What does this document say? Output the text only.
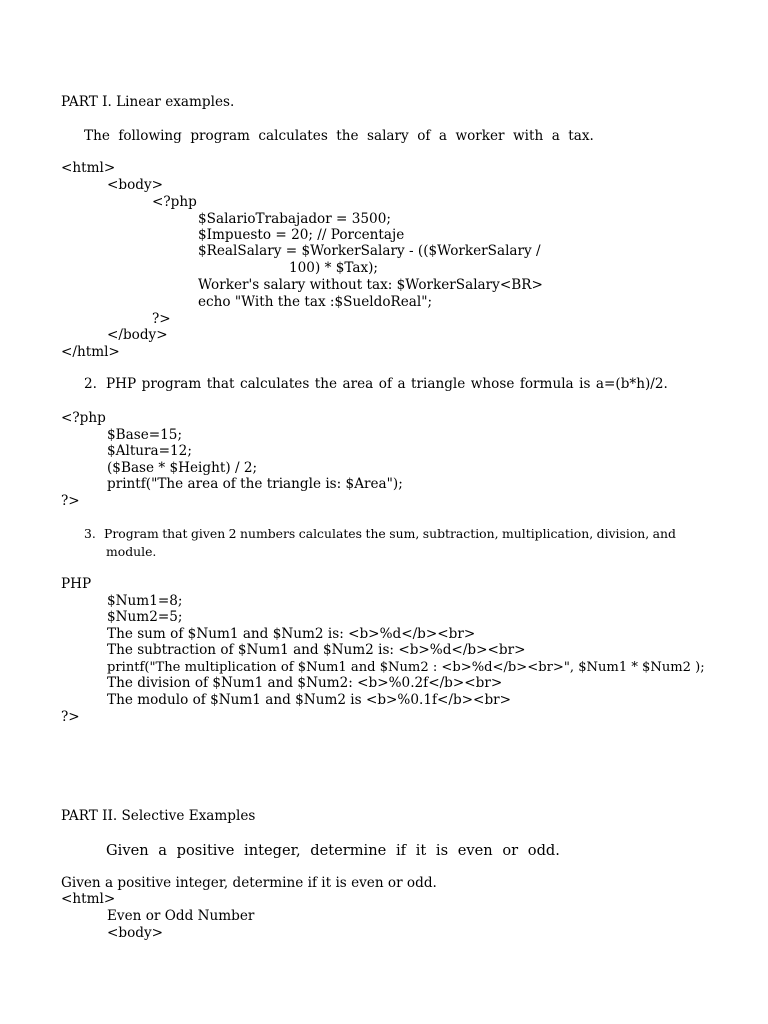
PART I. Linear examples.
The following program calculates the salary of a worker with a tax.
<html>
<body>
<?php
$SalarioTrabajador = 3500;
$Impuesto = 20; // Porcentaje
$RealSalary = $WorkerSalary - (($WorkerSalary /
100) * $Tax);
Worker's salary without tax: $WorkerSalary<BR>
echo "With the tax :$SueldoReal";
?>
</body>
</html>
2. PHP program that calculates the area of a triangle whose formula is a=(b*h)/2.
<?php
$Base=15;
$Altura=12;
($Base * $Height) / 2;
printf("The area of the triangle is: $Area");
?>
3. Program that given 2 numbers calculates the sum, subtraction, multiplication, division, and
module.
PHP
$Num1=8;
$Num2=5;
The sum of $Num1 and $Num2 is: <b>%d</b><br>
The subtraction of $Num1 and $Num2 is: <b>%d</b><br>
printf("The multiplication of $Num1 and $Num2 : <b>%d</b><br>", $Num1 * $Num2 );
The division of $Num1 and $Num2: <b>%0.2f</b><br>
The modulo of $Num1 and $Num2 is <b>%0.1f</b><br>
?>
PART II. Selective Examples
Given a positive integer, determine if it is even or odd.
Given a positive integer, determine if it is even or odd.
<html>
Even or Odd Number
<body>
